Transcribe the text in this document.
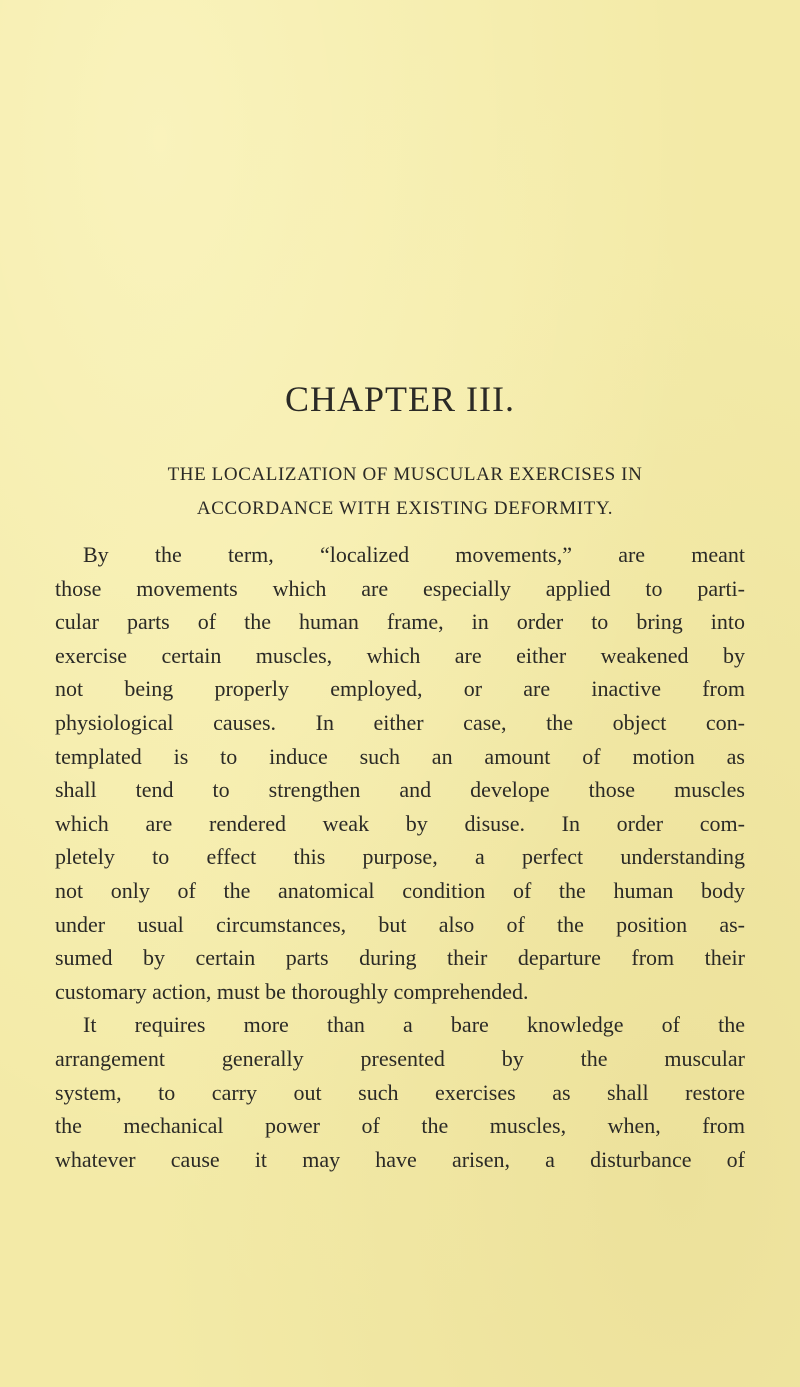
CHAPTER III.
THE LOCALIZATION OF MUSCULAR EXERCISES IN
ACCORDANCE WITH EXISTING DEFORMITY.
By the term, “localized movements,” are meant
those movements which are especially applied to parti-
cular parts of the human frame, in order to bring into
exercise certain muscles, which are either weakened by
not being properly employed, or are inactive from
physiological causes. In either case, the object con-
templated is to induce such an amount of motion as
shall tend to strengthen and develope those muscles
which are rendered weak by disuse. In order com-
pletely to effect this purpose, a perfect understanding
not only of the anatomical condition of the human body
under usual circumstances, but also of the position as-
sumed by certain parts during their departure from their
customary action, must be thoroughly comprehended.
It requires more than a bare knowledge of the
arrangement generally presented by the muscular
system, to carry out such exercises as shall restore
the mechanical power of the muscles, when, from
whatever cause it may have arisen, a disturbance of
